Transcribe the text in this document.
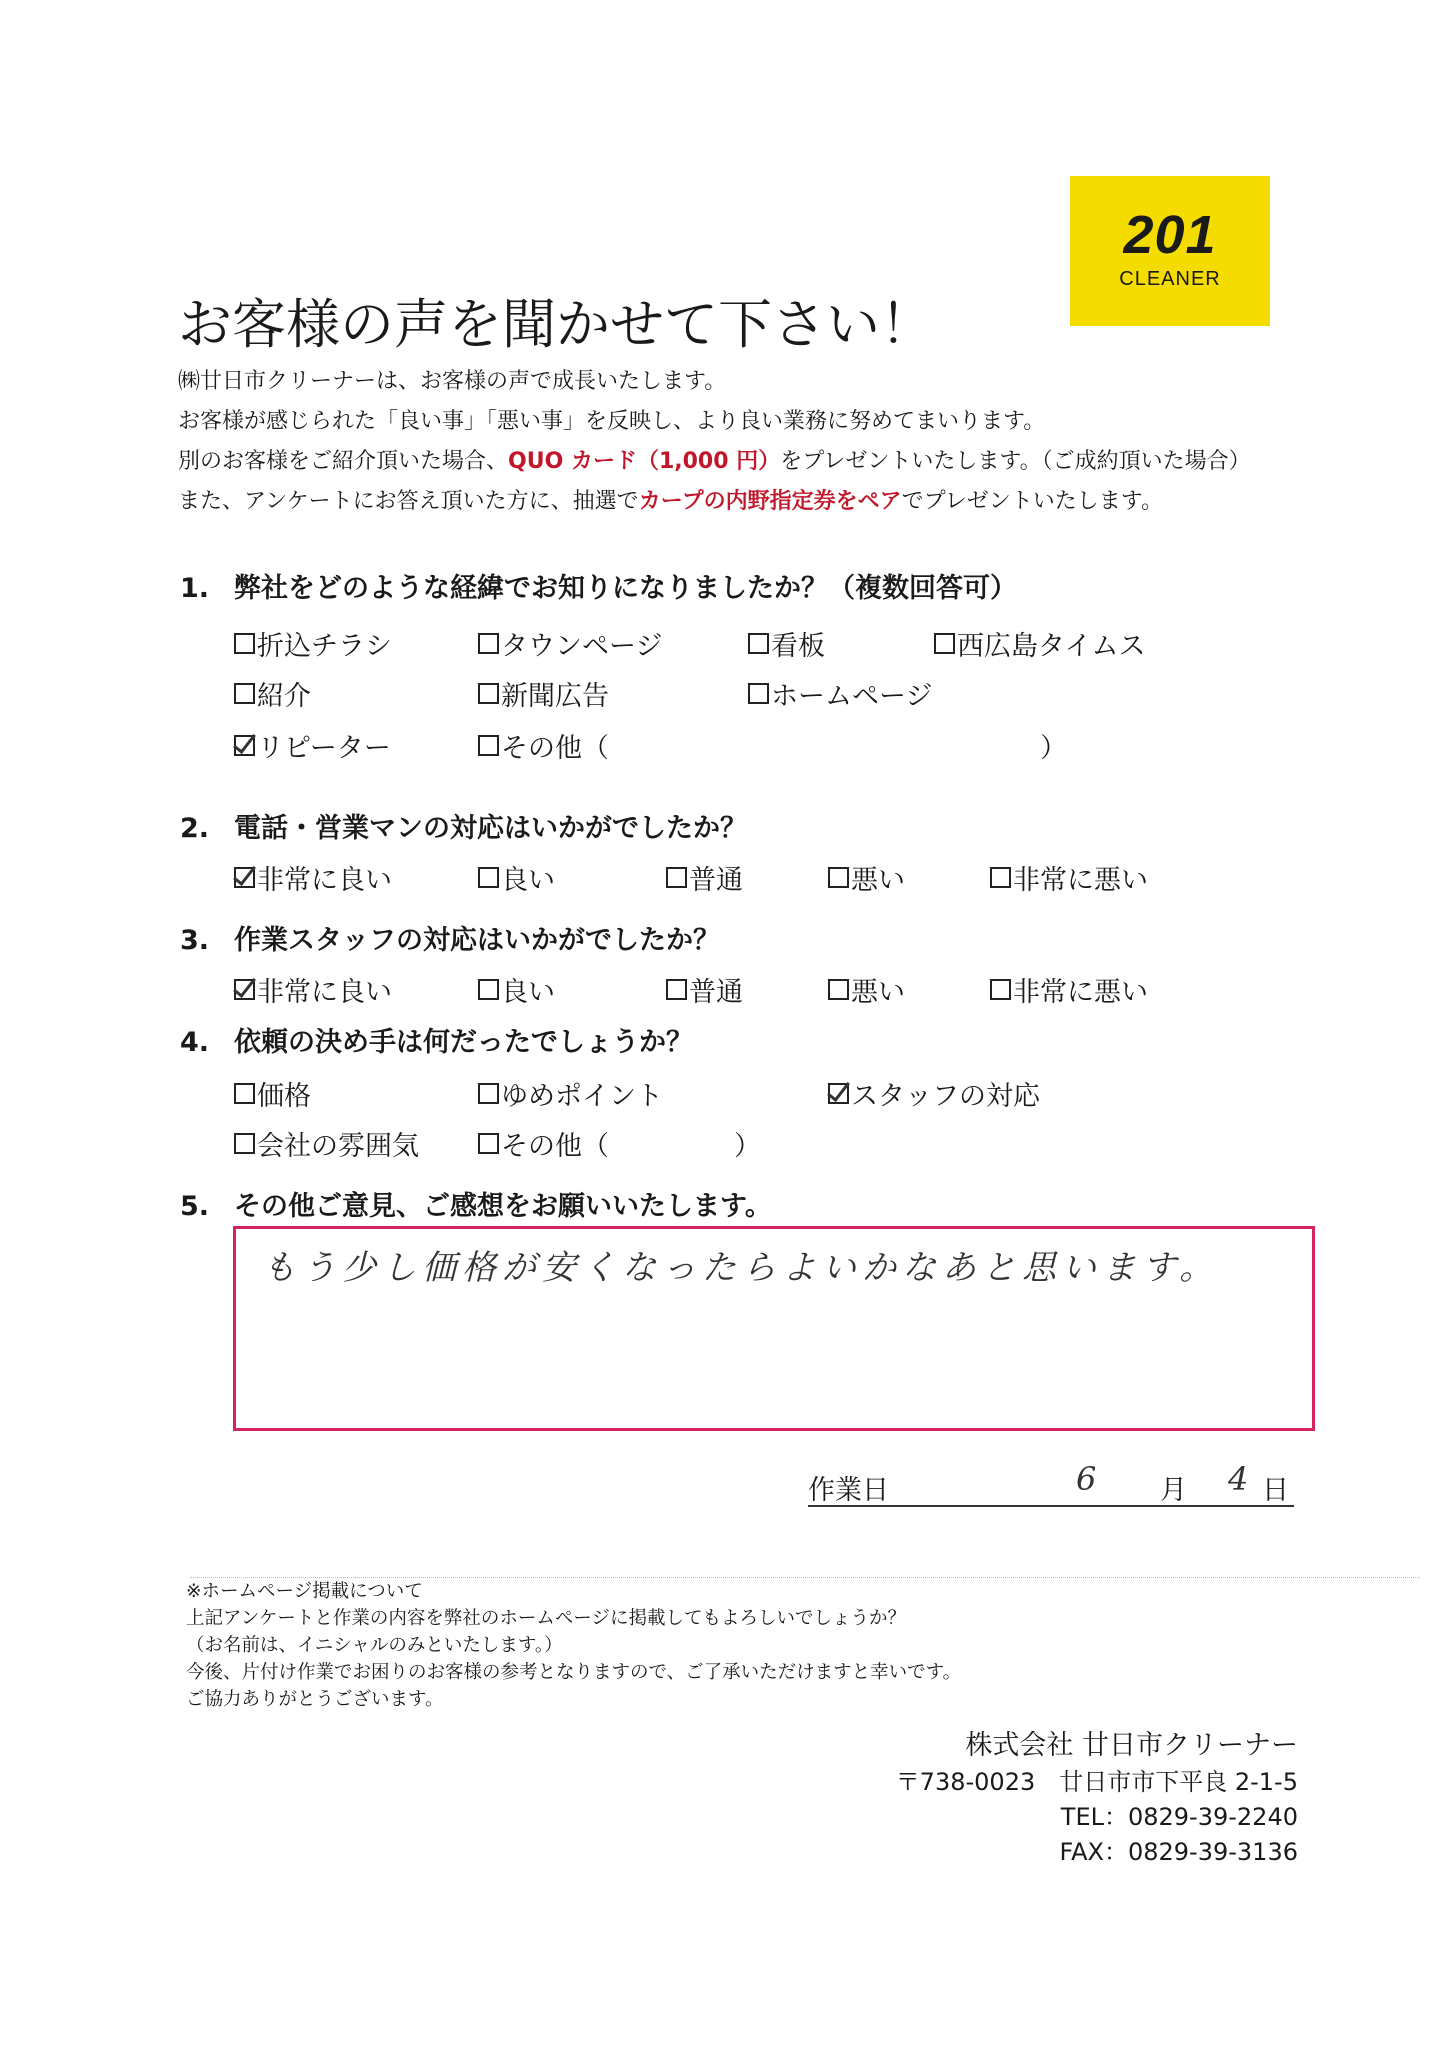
201
CLEANER
お客様の声を聞かせて下さい！
㈱廿日市クリーナーは、お客様の声で成長いたします。
お客様が感じられた「良い事」「悪い事」を反映し、より良い業務に努めてまいります。
別のお客様をご紹介頂いた場合、QUO カード（1,000 円）をプレゼントいたします。（ご成約頂いた場合）
また、アンケートにお答え頂いた方に、抽選でカープの内野指定券をペアでプレゼントいたします。
1. 弊社をどのような経緯でお知りになりましたか？（複数回答可）
折込チラシ	タウンページ	看板	西広島タイムス
紹介	新聞広告	ホームページ
リピーター	その他（	）
2. 電話・営業マンの対応はいかがでしたか？
非常に良い	良い	普通	悪い	非常に悪い
3. 作業スタッフの対応はいかがでしたか？
非常に良い	良い	普通	悪い	非常に悪い
4. 依頼の決め手は何だったでしょうか？
価格	ゆめポイント	スタッフの対応
会社の雰囲気	その他（	）
5. その他ご意見、ご感想をお願いいたします。
もう少し価格が安くなったらよいかなあと思います。
作業日	6 月 4 日
※ホームページ掲載について
上記アンケートと作業の内容を弊社のホームページに掲載してもよろしいでしょうか？
（お名前は、イニシャルのみといたします。）
今後、片付け作業でお困りのお客様の参考となりますので、ご了承いただけますと幸いです。
ご協力ありがとうございます。
株式会社 廿日市クリーナー
〒738-0023　廿日市市下平良 2-1-5
TEL：0829-39-2240
FAX：0829-39-3136
